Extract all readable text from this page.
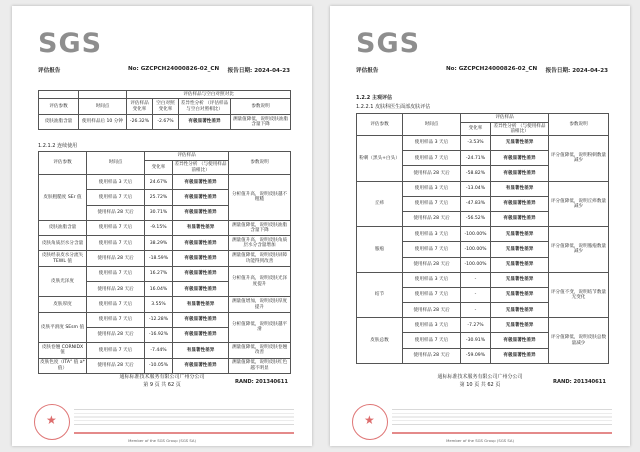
SGS
评估报告	No: GZCPCH24000826-02_CN 报告日期: 2024-04-23
		评估样品与空白对照对比			
评估参数	时间点	评估样品 变化率	空白对照 变化率	差异性分析 （评估样品与空白对照相比）	参数说明
皮肤油脂含量	使用样品后 10 分钟	-26.32%	-2.67%	有极显著性差异	测量值降低，说明皮肤油脂含量下降
1.2.1.2 连续使用
评估参数	时间点	评估样品		参数说明
		变化率	差异性分析 （与使用样品前相比）	
皮肤粗糙度 SEr 值	使用样品 3 天后	24.67%	有极显著性差异	分析值升高，说明皮肤越不粗糙
	使用样品 7 天后	25.72%	有极显著性差异	
	使用样品 28 天后	30.71%	有极显著性差异	
皮肤油脂含量	使用样品 7 天后	-9.15%	有显著性差异	测量值降低，说明皮肤油脂含量下降
皮肤角质层水分含量	使用样品 7 天后	38.29%	有极显著性差异	测量值升高，说明皮肤角质层水分含量增加
皮肤经表皮水分流失 TEWL 值	使用样品 28 天后	-18.59%	有极显著性差异	测量值降低，说明皮肤屏障功能得到改善
皮肤光泽度	使用样品 7 天后	16.27%	有极显著性差异	分析值升高，说明皮肤光泽度提升
	使用样品 28 天后	16.04%	有极显著性差异	
皮肤厚度	使用样品 7 天后	3.55%	有显著性差异	测量值增加，说明皮肤厚度提升
皮肤平滑度 SEsm 值	使用样品 7 天后	-12.28%	有极显著性差异	分析值降低，说明皮肤越平滑
	使用样品 28 天后	-16.92%	有极显著性差异	
皮肤卷翘 CORNIDX 值	使用样品 7 天后	-7.44%	有显著性差异	测量值降低，说明皮肤卷翘改善
皮肤色度（ITA° 值 a* 值）	使用样品 28 天后	-10.05%	有极显著性差异	测量值降低，说明皮肤红色越不明显
通标标准技术服务有限公司广州分公司
第 9 页 共 62 页	RAND: 201340611
★
Member of the SGS Group (SGS SA)
SGS
评估报告	No: GZCPCH24000826-02_CN 报告日期: 2024-04-23
1.2.2 主观评估
1.2.2.1 皮肤科医生面部皮肤评估
评估参数	时间点	评估样品		参数说明
		变化率	差异性分析 （与使用样品前相比）	
粉刺（黑头+白头）	使用样品 3 天后	-3.53%	无显著性差异	评分值降低，说明粉刺数量减少
	使用样品 7 天后	-24.71%	有极显著性差异	
	使用样品 28 天后	-58.82%	有极显著性差异	
丘疹	使用样品 3 天后	-13.04%	有显著性差异	评分值降低，说明丘疹数量减少
	使用样品 7 天后	-47.83%	有极显著性差异	
	使用样品 28 天后	-56.52%	有极显著性差异	
脓疱	使用样品 3 天后	-100.00%	无显著性差异	评分值降低，说明脓疱数量减少
	使用样品 7 天后	-100.00%	无显著性差异	
	使用样品 28 天后	-100.00%	无显著性差异	
结节	使用样品 3 天后	-	无显著性差异	评分值不变，说明结节数量无变化
	使用样品 7 天后	-	无显著性差异	
	使用样品 28 天后	-	无显著性差异	
皮肤总数	使用样品 3 天后	-7.27%	无显著性差异	评分值降低，说明皮肤总数量减少
	使用样品 7 天后	-30.91%	有极显著性差异	
	使用样品 28 天后	-59.09%	有极显著性差异	
通标标准技术服务有限公司广州分公司
第 10 页 共 62 页	RAND: 201340611
★
Member of the SGS Group (SGS SA)
